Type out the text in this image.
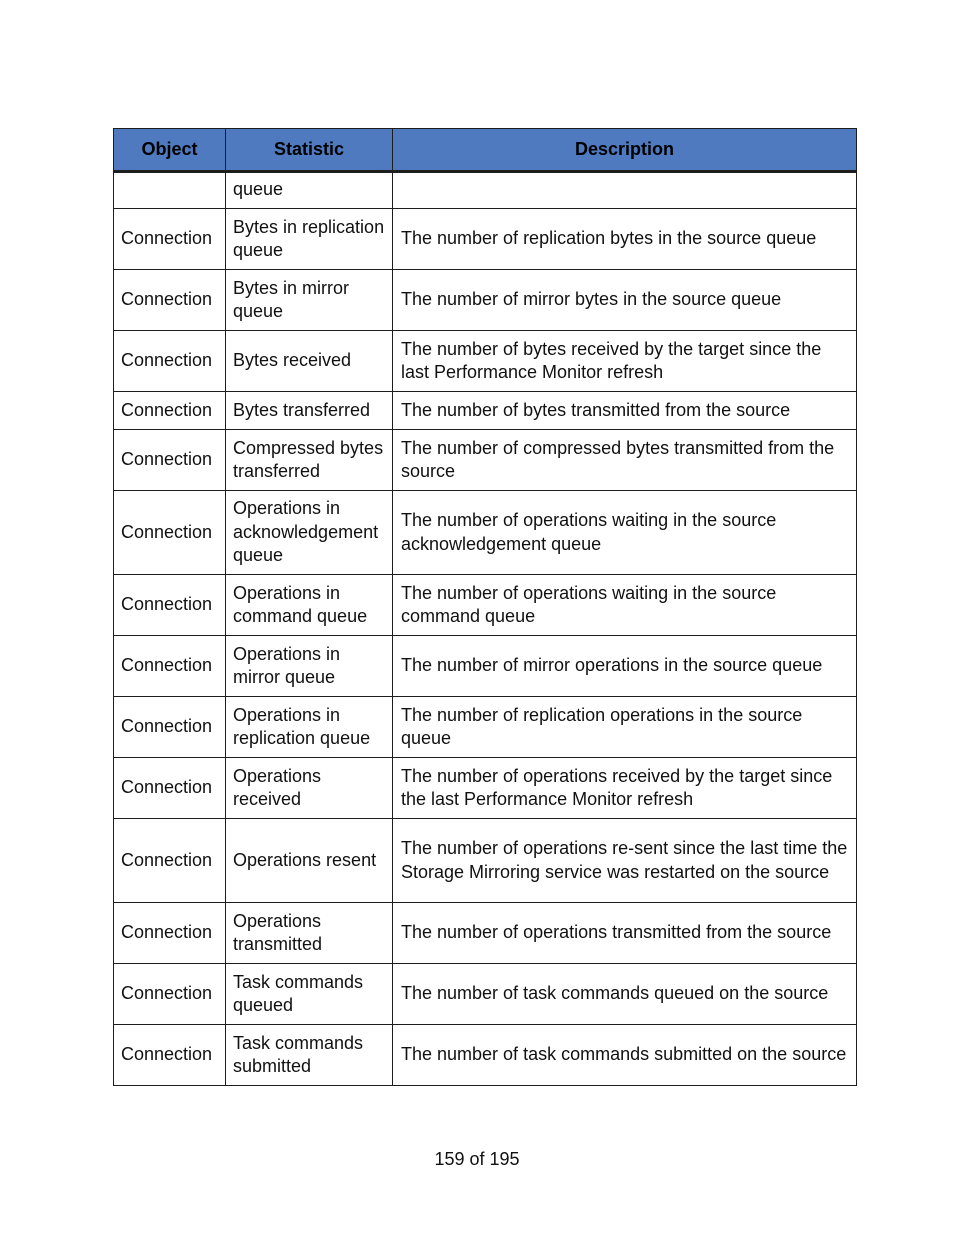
Object	Statistic	Description
	queue	
Connection	Bytes in replication queue	The number of replication bytes in the source queue
Connection	Bytes in mirror queue	The number of mirror bytes in the source queue
Connection	Bytes received	The number of bytes received by the target since the last Performance Monitor refresh
Connection	Bytes transferred	The number of bytes transmitted from the source
Connection	Compressed bytes transferred	The number of compressed bytes transmitted from the source
Connection	Operations in acknowledgement queue	The number of operations waiting in the source acknowledgement queue
Connection	Operations in command queue	The number of operations waiting in the source command queue
Connection	Operations in mirror queue	The number of mirror operations in the source queue
Connection	Operations in replication queue	The number of replication operations in the source queue
Connection	Operations received	The number of operations received by the target since the last Performance Monitor refresh
Connection	Operations resent	The number of operations re-sent since the last time the Storage Mirroring service was restarted on the source
Connection	Operations transmitted	The number of operations transmitted from the source
Connection	Task commands queued	The number of task commands queued on the source
Connection	Task commands submitted	The number of task commands submitted on the source
159 of 195
